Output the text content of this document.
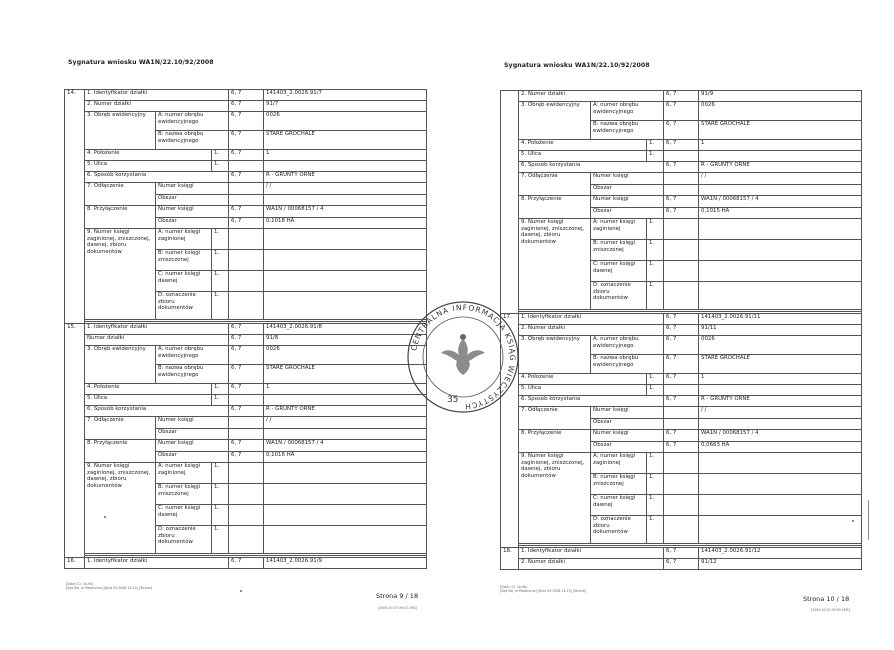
Sygnatura wniosku WA1N/22.10/92/2008
14.	1. Identyfikator działki			6, 7	141403_2.0026.91/7
	2. Numer działki			6, 7	91/7
	3. Obręb ewidencyjny	A: numer obrębu ewidencyjnego		6, 7	0026
		B: nazwa obrębu ewidencyjnego		6, 7	STARE GROCHALE
	4. Położenie		1.	6, 7	1
	5. Ulica		1.		
	6. Sposób korzystania			6, 7	R - GRUNTY ORNE
	7. Odłączenie	Numer księgi			/ /
		Obszar			
	8. Przyłączenie	Numer księgi		6, 7	WA1N / 00068157 / 4
		Obszar		6, 7	0,1018 HA
	9. Numer księgi zaginionej, zniszczonej, dawnej, zbioru dokumentów	A: numer księgi zaginionej	1.		
		B: numer księgi zniszczonej	1.		
		C: numer księgi dawnej	1.		
		D: oznaczenie zbioru dokumentów	1.		

15.	1. Identyfikator działki			6, 7	141403_2.0026.91/8
	Numer działki			6, 7	91/8
	3. Obręb ewidencyjny	A: numer obrębu ewidencyjnego		6, 7	0026
		B: nazwa obrębu ewidencyjnego		6, 7	STARE GROCHALE
	4. Położenie		1.	6, 7	1
	5. Ulica		1.		
	6. Sposób korzystania			6, 7	R - GRUNTY ORNE
	7. Odłączenie	Numer księgi			/ /
		Obszar			
	8. Przyłączenie	Numer księgi		6, 7	WA1N / 00068157 / 4
		Obszar		6, 7	0,1016 HA
	9. Numer księgi zaginionej, zniszczonej, dawnej, zbioru dokumentów	A: numer księgi zaginionej	1.		
		B: numer księgi zniszczonej	1.		
		C: numer księgi dawnej	1.		
		D: oznaczenie zbioru dokumentów	1.		

16.	1. Identyfikator działki			6, 7	141403_2.0026.91/9
[Dział I-O, 1b-9b]
[Sąd Rej. w Piasecznie] [Dnia 09.2008 14:15] [Strona]
Strona 9 / 18
[2009.10.07 09:03 CMS]
Sygnatura wniosku WA1N/22.10/92/2008
	2. Numer działki			6, 7	91/9
	3. Obręb ewidencyjny	A: numer obrębu ewidencyjnego		6, 7	0026
		B: nazwa obrębu ewidencyjnego		6, 7	STARE GROCHALE
	4. Położenie		1.	6, 7	1
	5. Ulica		1.		
	6. Sposób korzystania			6, 7	R - GRUNTY ORNE
	7. Odłączenie	Numer księgi			/ /
		Obszar			
	8. Przyłączenie	Numer księgi		6, 7	WA1N / 00068157 / 4
		Obszar		6, 7	0,1015 HA
	9. Numer księgi zaginionej, zniszczonej, dawnej, zbioru dokumentów	A: numer księgi zaginionej	1.		
		B: numer księgi zniszczonej	1.		
		C: numer księgi dawnej	1.		
		D: oznaczenie zbioru dokumentów	1.		

17.	1. Identyfikator działki			6, 7	141403_2.0026.91/11
	2. Numer działki			6, 7	91/11
	3. Obręb ewidencyjny	A: numer obrębu ewidencyjnego		6, 7	0026
		B: nazwa obrębu ewidencyjnego		6, 7	STARE GROCHALE
	4. Położenie		1.	6, 7	1
	5. Ulica		1.		
	6. Sposób korzystania			6, 7	R - GRUNTY ORNE
	7. Odłączenie	Numer księgi			/ /
		Obszar			
	8. Przyłączenie	Numer księgi		6, 7	WA1N / 00068157 / 4
		Obszar		6, 7	0,0663 HA
	9. Numer księgi zaginionej, zniszczonej, dawnej, zbioru dokumentów	A: numer księgi zaginionej	1.		
		B: numer księgi zniszczonej	1.		
		C: numer księgi dawnej	1.		
		D: oznaczenie zbioru dokumentów	1.		

18.	1. Identyfikator działki			6, 7	141403_2.0026.91/12
	2. Numer działki			6, 7	91/12
[Dział I-O, 1b-9b]
[Sąd Rej. w Piasecznie] [Dnia 09.2008 14:15] [Strona]
Strona 10 / 18
[2009.10.07 09:03 CMS]
CENTRALNA INFORMACJA KSIĄG WIECZYSTYCH
35
